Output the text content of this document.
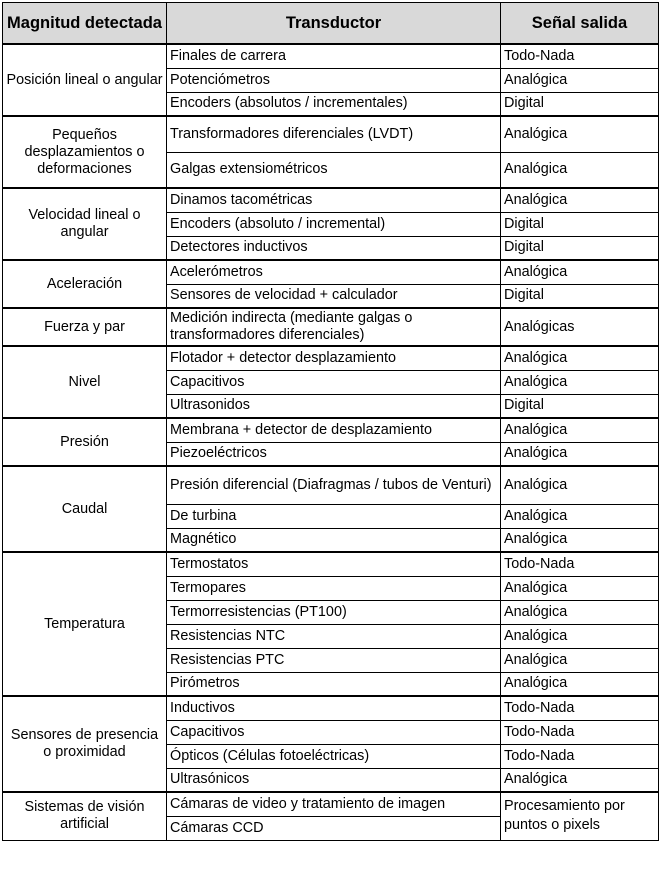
Magnitud detectada	Transductor	Señal salida
Posición lineal o angular	Finales de carrera	Todo-Nada
	Potenciómetros	Analógica
	Encoders (absolutos / incrementales)	Digital
Pequeños desplazamientos o deformaciones	Transformadores diferenciales (LVDT)	Analógica
	Galgas extensiométricos	Analógica
Velocidad lineal o angular	Dinamos tacométricas	Analógica
	Encoders (absoluto / incremental)	Digital
	Detectores inductivos	Digital
Aceleración	Acelerómetros	Analógica
	Sensores de velocidad + calculador	Digital
Fuerza y par	Medición indirecta (mediante galgas o transformadores diferenciales)	Analógicas
Nivel	Flotador + detector desplazamiento	Analógica
	Capacitivos	Analógica
	Ultrasonidos	Digital
Presión	Membrana + detector de desplazamiento	Analógica
	Piezoeléctricos	Analógica
Caudal	Presión diferencial (Diafragmas / tubos de Venturi)	Analógica
	De turbina	Analógica
	Magnético	Analógica
Temperatura	Termostatos	Todo-Nada
	Termopares	Analógica
	Termorresistencias (PT100)	Analógica
	Resistencias NTC	Analógica
	Resistencias PTC	Analógica
	Pirómetros	Analógica
Sensores de presencia o proximidad	Inductivos	Todo-Nada
	Capacitivos	Todo-Nada
	Ópticos (Células fotoeléctricas)	Todo-Nada
	Ultrasónicos	Analógica
Sistemas de visión artificial	Cámaras de video y tratamiento de imagen	Procesamiento por puntos o pixels
	Cámaras CCD	
